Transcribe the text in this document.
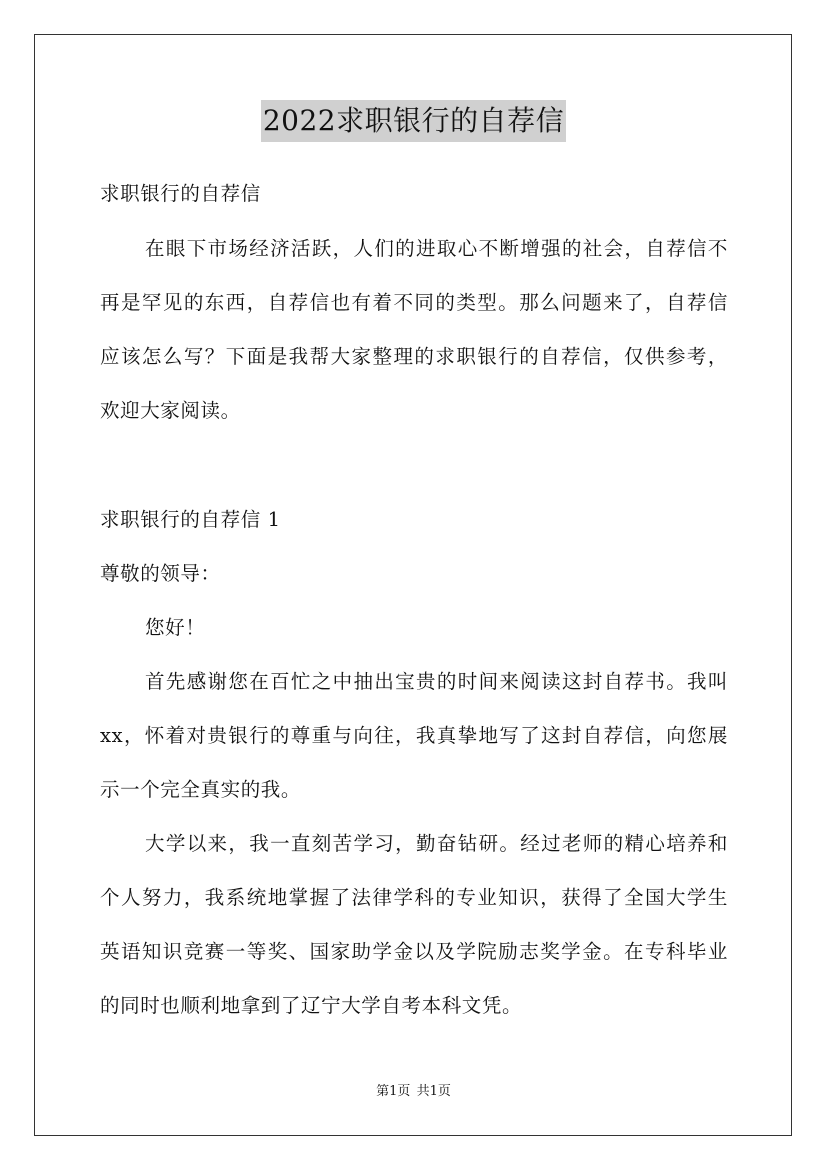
2022求职银行的自荐信
求职银行的自荐信
在眼下市场经济活跃，人们的进取心不断增强的社会，自荐信不
再是罕见的东西，自荐信也有着不同的类型。那么问题来了，自荐信
应该怎么写？下面是我帮大家整理的求职银行的自荐信，仅供参考，
欢迎大家阅读。
求职银行的自荐信 1
尊敬的领导：
您好！
首先感谢您在百忙之中抽出宝贵的时间来阅读这封自荐书。我叫
xx，怀着对贵银行的尊重与向往，我真挚地写了这封自荐信，向您展
示一个完全真实的我。
大学以来，我一直刻苦学习，勤奋钻研。经过老师的精心培养和
个人努力，我系统地掌握了法律学科的专业知识，获得了全国大学生
英语知识竞赛一等奖、国家助学金以及学院励志奖学金。在专科毕业
的同时也顺利地拿到了辽宁大学自考本科文凭。
第1页 共1页
